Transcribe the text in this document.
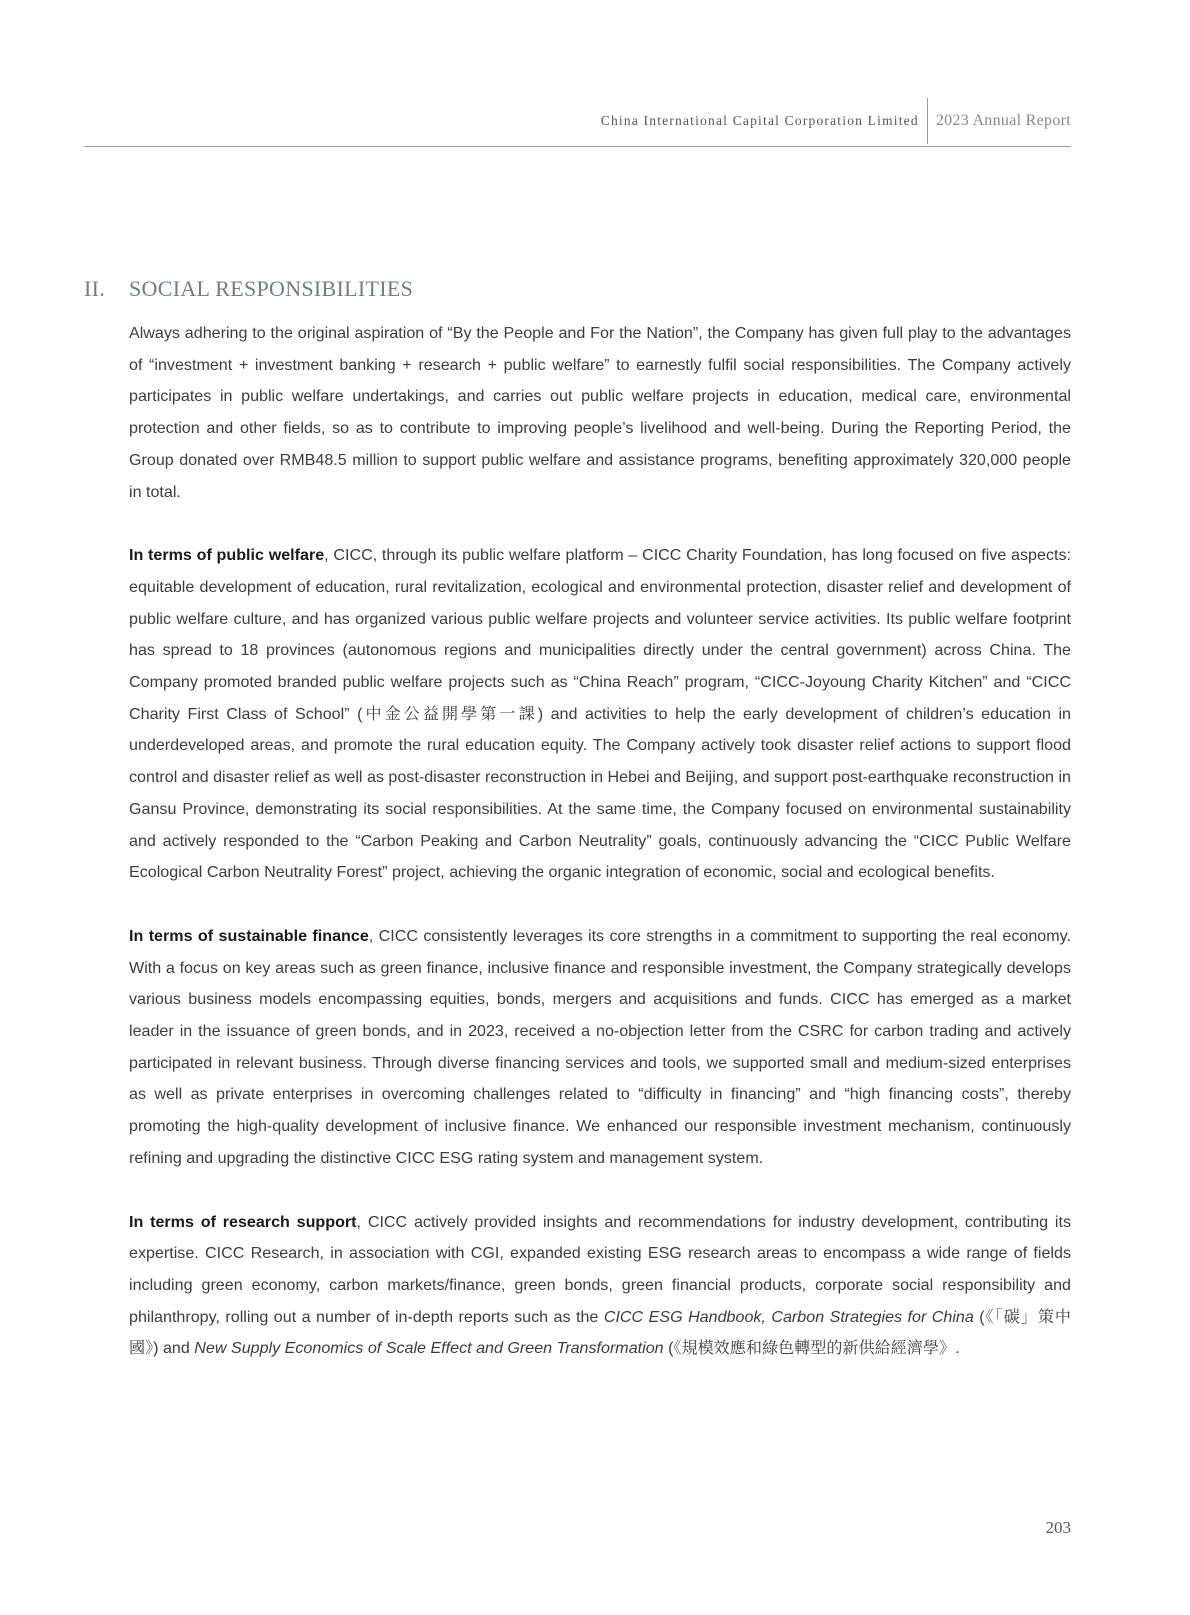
China International Capital Corporation Limited	2023 Annual Report
II.	SOCIAL RESPONSIBILITIES

Always adhering to the original aspiration of “By the People and For the Nation”, the Company has given full play to the advantages of “investment + investment banking + research + public welfare” to earnestly fulfil social responsibilities. The Company actively participates in public welfare undertakings, and carries out public welfare projects in education, medical care, environmental protection and other fields, so as to contribute to improving people’s livelihood and well-being. During the Reporting Period, the Group donated over RMB48.5 million to support public welfare and assistance programs, benefiting approximately 320,000 people in total.

In terms of public welfare, CICC, through its public welfare platform – CICC Charity Foundation, has long focused on five aspects: equitable development of education, rural revitalization, ecological and environmental protection, disaster relief and development of public welfare culture, and has organized various public welfare projects and volunteer service activities. Its public welfare footprint has spread to 18 provinces (autonomous regions and municipalities directly under the central government) across China. The Company promoted branded public welfare projects such as “China Reach” program, “CICC-Joyoung Charity Kitchen” and “CICC Charity First Class of School” (中金公益開學第一課) and activities to help the early development of children’s education in underdeveloped areas, and promote the rural education equity. The Company actively took disaster relief actions to support flood control and disaster relief as well as post-disaster reconstruction in Hebei and Beijing, and support post-earthquake reconstruction in Gansu Province, demonstrating its social responsibilities. At the same time, the Company focused on environmental sustainability and actively responded to the “Carbon Peaking and Carbon Neutrality” goals, continuously advancing the “CICC Public Welfare Ecological Carbon Neutrality Forest” project, achieving the organic integration of economic, social and ecological benefits.

In terms of sustainable finance, CICC consistently leverages its core strengths in a commitment to supporting the real economy. With a focus on key areas such as green finance, inclusive finance and responsible investment, the Company strategically develops various business models encompassing equities, bonds, mergers and acquisitions and funds. CICC has emerged as a market leader in the issuance of green bonds, and in 2023, received a no-objection letter from the CSRC for carbon trading and actively participated in relevant business. Through diverse financing services and tools, we supported small and medium-sized enterprises as well as private enterprises in overcoming challenges related to “difficulty in financing” and “high financing costs”, thereby promoting the high-quality development of inclusive finance. We enhanced our responsible investment mechanism, continuously refining and upgrading the distinctive CICC ESG rating system and management system.

In terms of research support, CICC actively provided insights and recommendations for industry development, contributing its expertise. CICC Research, in association with CGI, expanded existing ESG research areas to encompass a wide range of fields including green economy, carbon markets/finance, green bonds, green financial products, corporate social responsibility and philanthropy, rolling out a number of in-depth reports such as the CICC ESG Handbook, Carbon Strategies for China (《「碳」策中國》) and New Supply Economics of Scale Effect and Green Transformation (《規模效應和綠色轉型的新供給經濟學》.

203
